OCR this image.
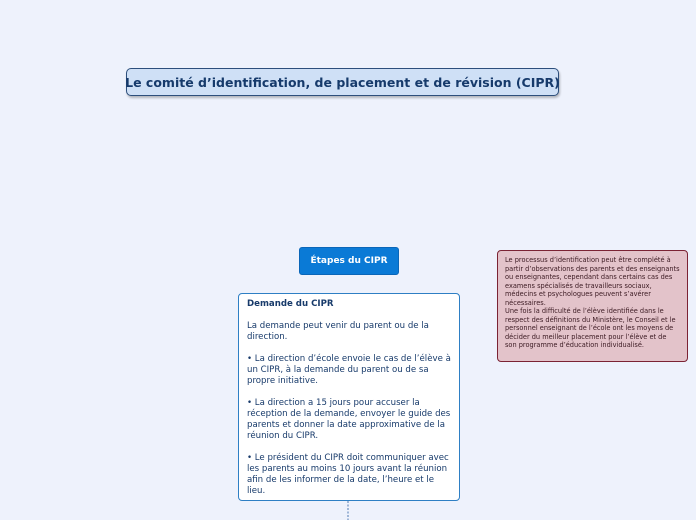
Le comité d’identification, de placement et de révision (CIPR)
Étapes du CIPR
Demande du CIPR

La demande peut venir du parent ou de la direction.

• La direction d’école envoie le cas de l’élève à un CIPR, à la demande du parent ou de sa propre initiative.

• La direction a 15 jours pour accuser la réception de la demande, envoyer le guide des parents et donner la date approximative de la réunion du CIPR.

• Le président du CIPR doit communiquer avec les parents au moins 10 jours avant la réunion afin de les informer de la date, l’heure et le lieu.

Le processus d’identification peut être complété à partir d’observations des parents et des enseignants ou enseignantes, cependant dans certains cas des examens spécialisés de travailleurs sociaux, médecins et psychologues peuvent s’avérer nécessaires.

Une fois la difficulté de l’élève identifiée dans le respect des définitions du Ministère, le Conseil et le personnel enseignant de l’école ont les moyens de décider du meilleur placement pour l’élève et de son programme d’éducation individualisé.
